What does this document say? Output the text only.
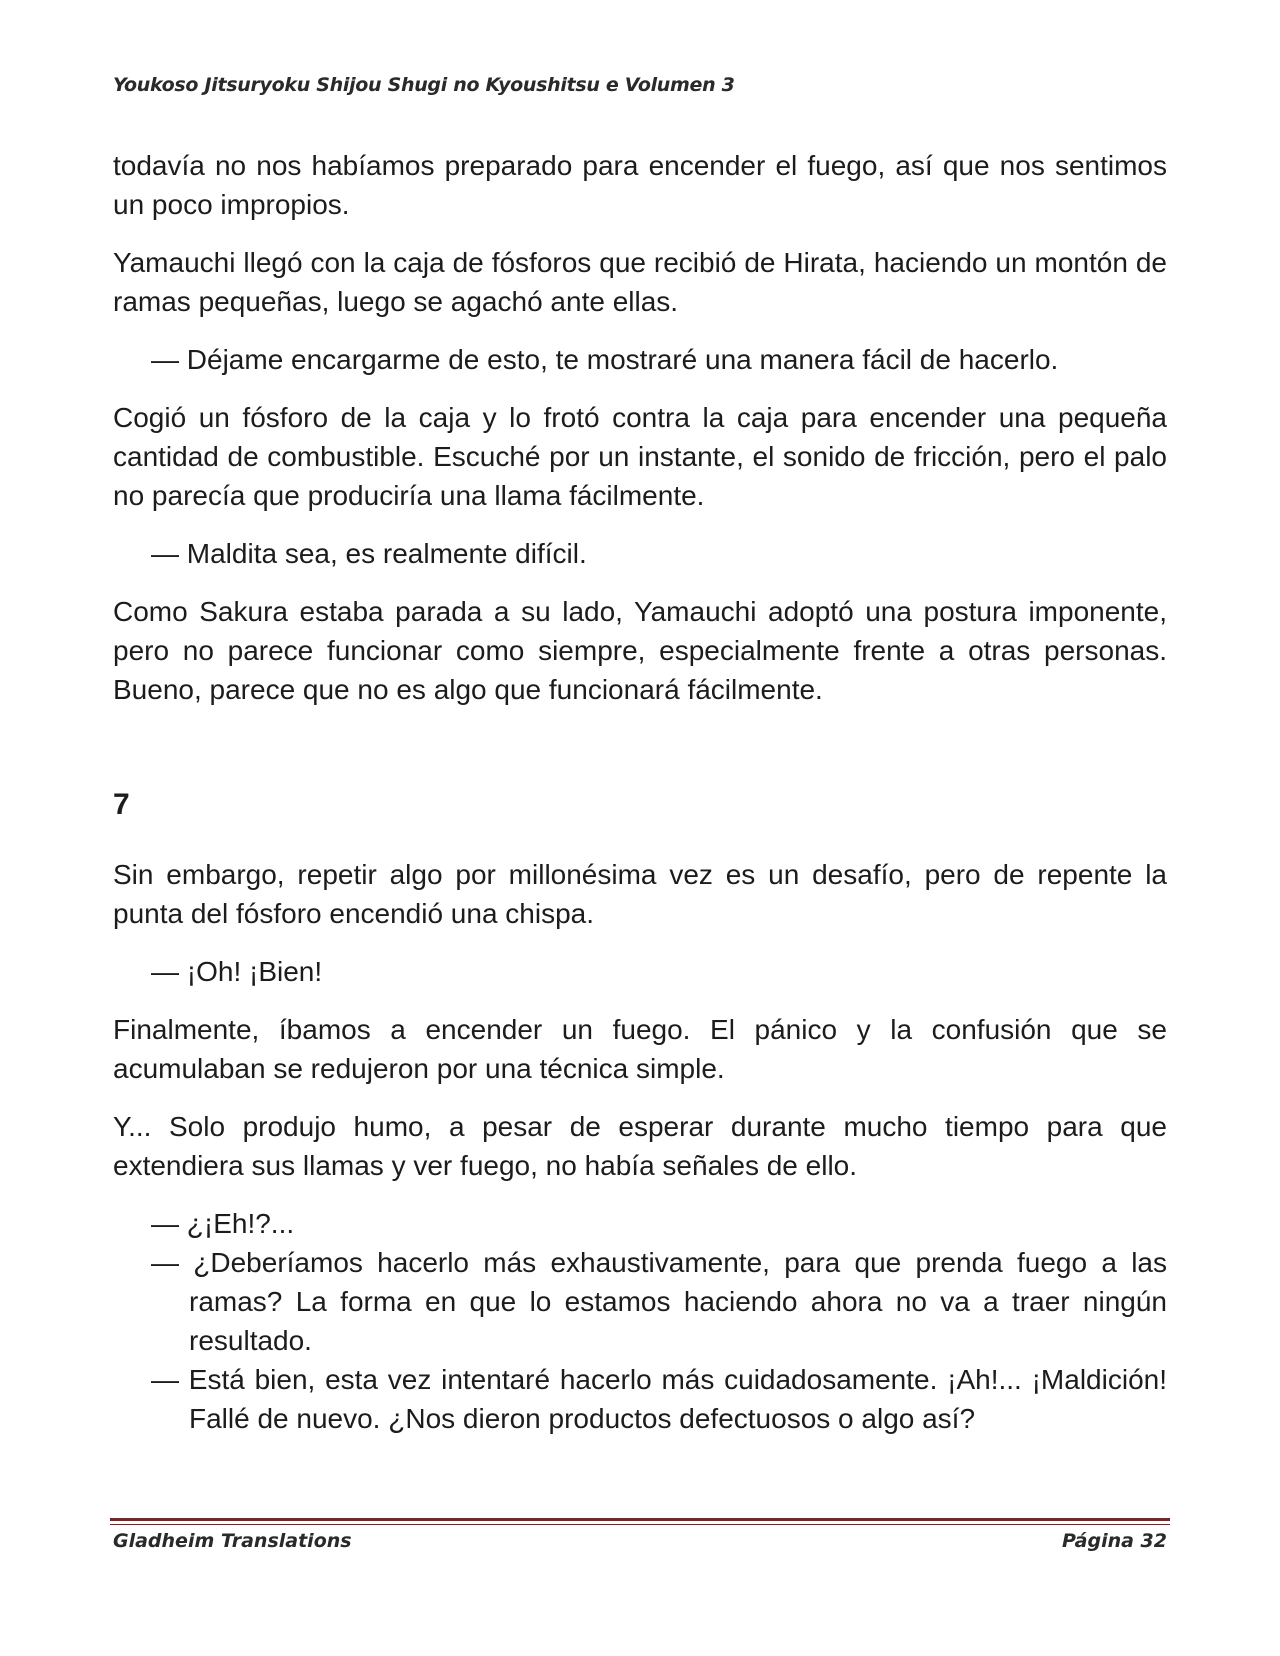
Youkoso Jitsuryoku Shijou Shugi no Kyoushitsu e Volumen 3

todavía no nos habíamos preparado para encender el fuego, así que nos sentimos un poco impropios.

Yamauchi llegó con la caja de fósforos que recibió de Hirata, haciendo un montón de ramas pequeñas, luego se agachó ante ellas.

— Déjame encargarme de esto, te mostraré una manera fácil de hacerlo.

Cogió un fósforo de la caja y lo frotó contra la caja para encender una pequeña cantidad de combustible. Escuché por un instante, el sonido de fricción, pero el palo no parecía que produciría una llama fácilmente.

— Maldita sea, es realmente difícil.

Como Sakura estaba parada a su lado, Yamauchi adoptó una postura imponente, pero no parece funcionar como siempre, especialmente frente a otras personas. Bueno, parece que no es algo que funcionará fácilmente.

7

Sin embargo, repetir algo por millonésima vez es un desafío, pero de repente la punta del fósforo encendió una chispa.

— ¡Oh! ¡Bien!

Finalmente, íbamos a encender un fuego. El pánico y la confusión que se acumulaban se redujeron por una técnica simple.

Y... Solo produjo humo, a pesar de esperar durante mucho tiempo para que extendiera sus llamas y ver fuego, no había señales de ello.

— ¿¡Eh!?...

— ¿Deberíamos hacerlo más exhaustivamente, para que prenda fuego a las ramas? La forma en que lo estamos haciendo ahora no va a traer ningún resultado.

— Está bien, esta vez intentaré hacerlo más cuidadosamente. ¡Ah!... ¡Maldición! Fallé de nuevo. ¿Nos dieron productos defectuosos o algo así?

Gladheim Translations	Página 32
